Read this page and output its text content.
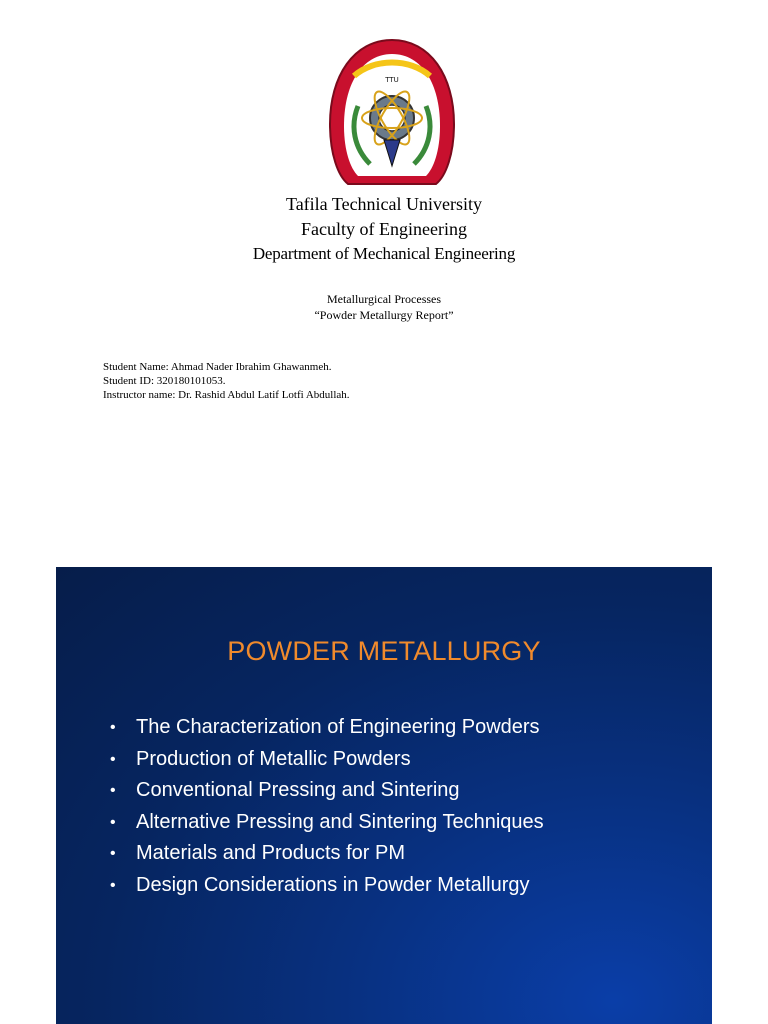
TTU
Tafila Technical University
Faculty of Engineering
Department of Mechanical Engineering
Metallurgical Processes
“Powder Metallurgy Report”
Student Name: Ahmad Nader Ibrahim Ghawanmeh.
Student ID: 320180101053.
Instructor name: Dr. Rashid Abdul Latif Lotfi Abdullah.
POWDER METALLURGY
• The Characterization of Engineering Powders
• Production of Metallic Powders
• Conventional Pressing and Sintering
• Alternative Pressing and Sintering Techniques
• Materials and Products for PM
• Design Considerations in Powder Metallurgy
